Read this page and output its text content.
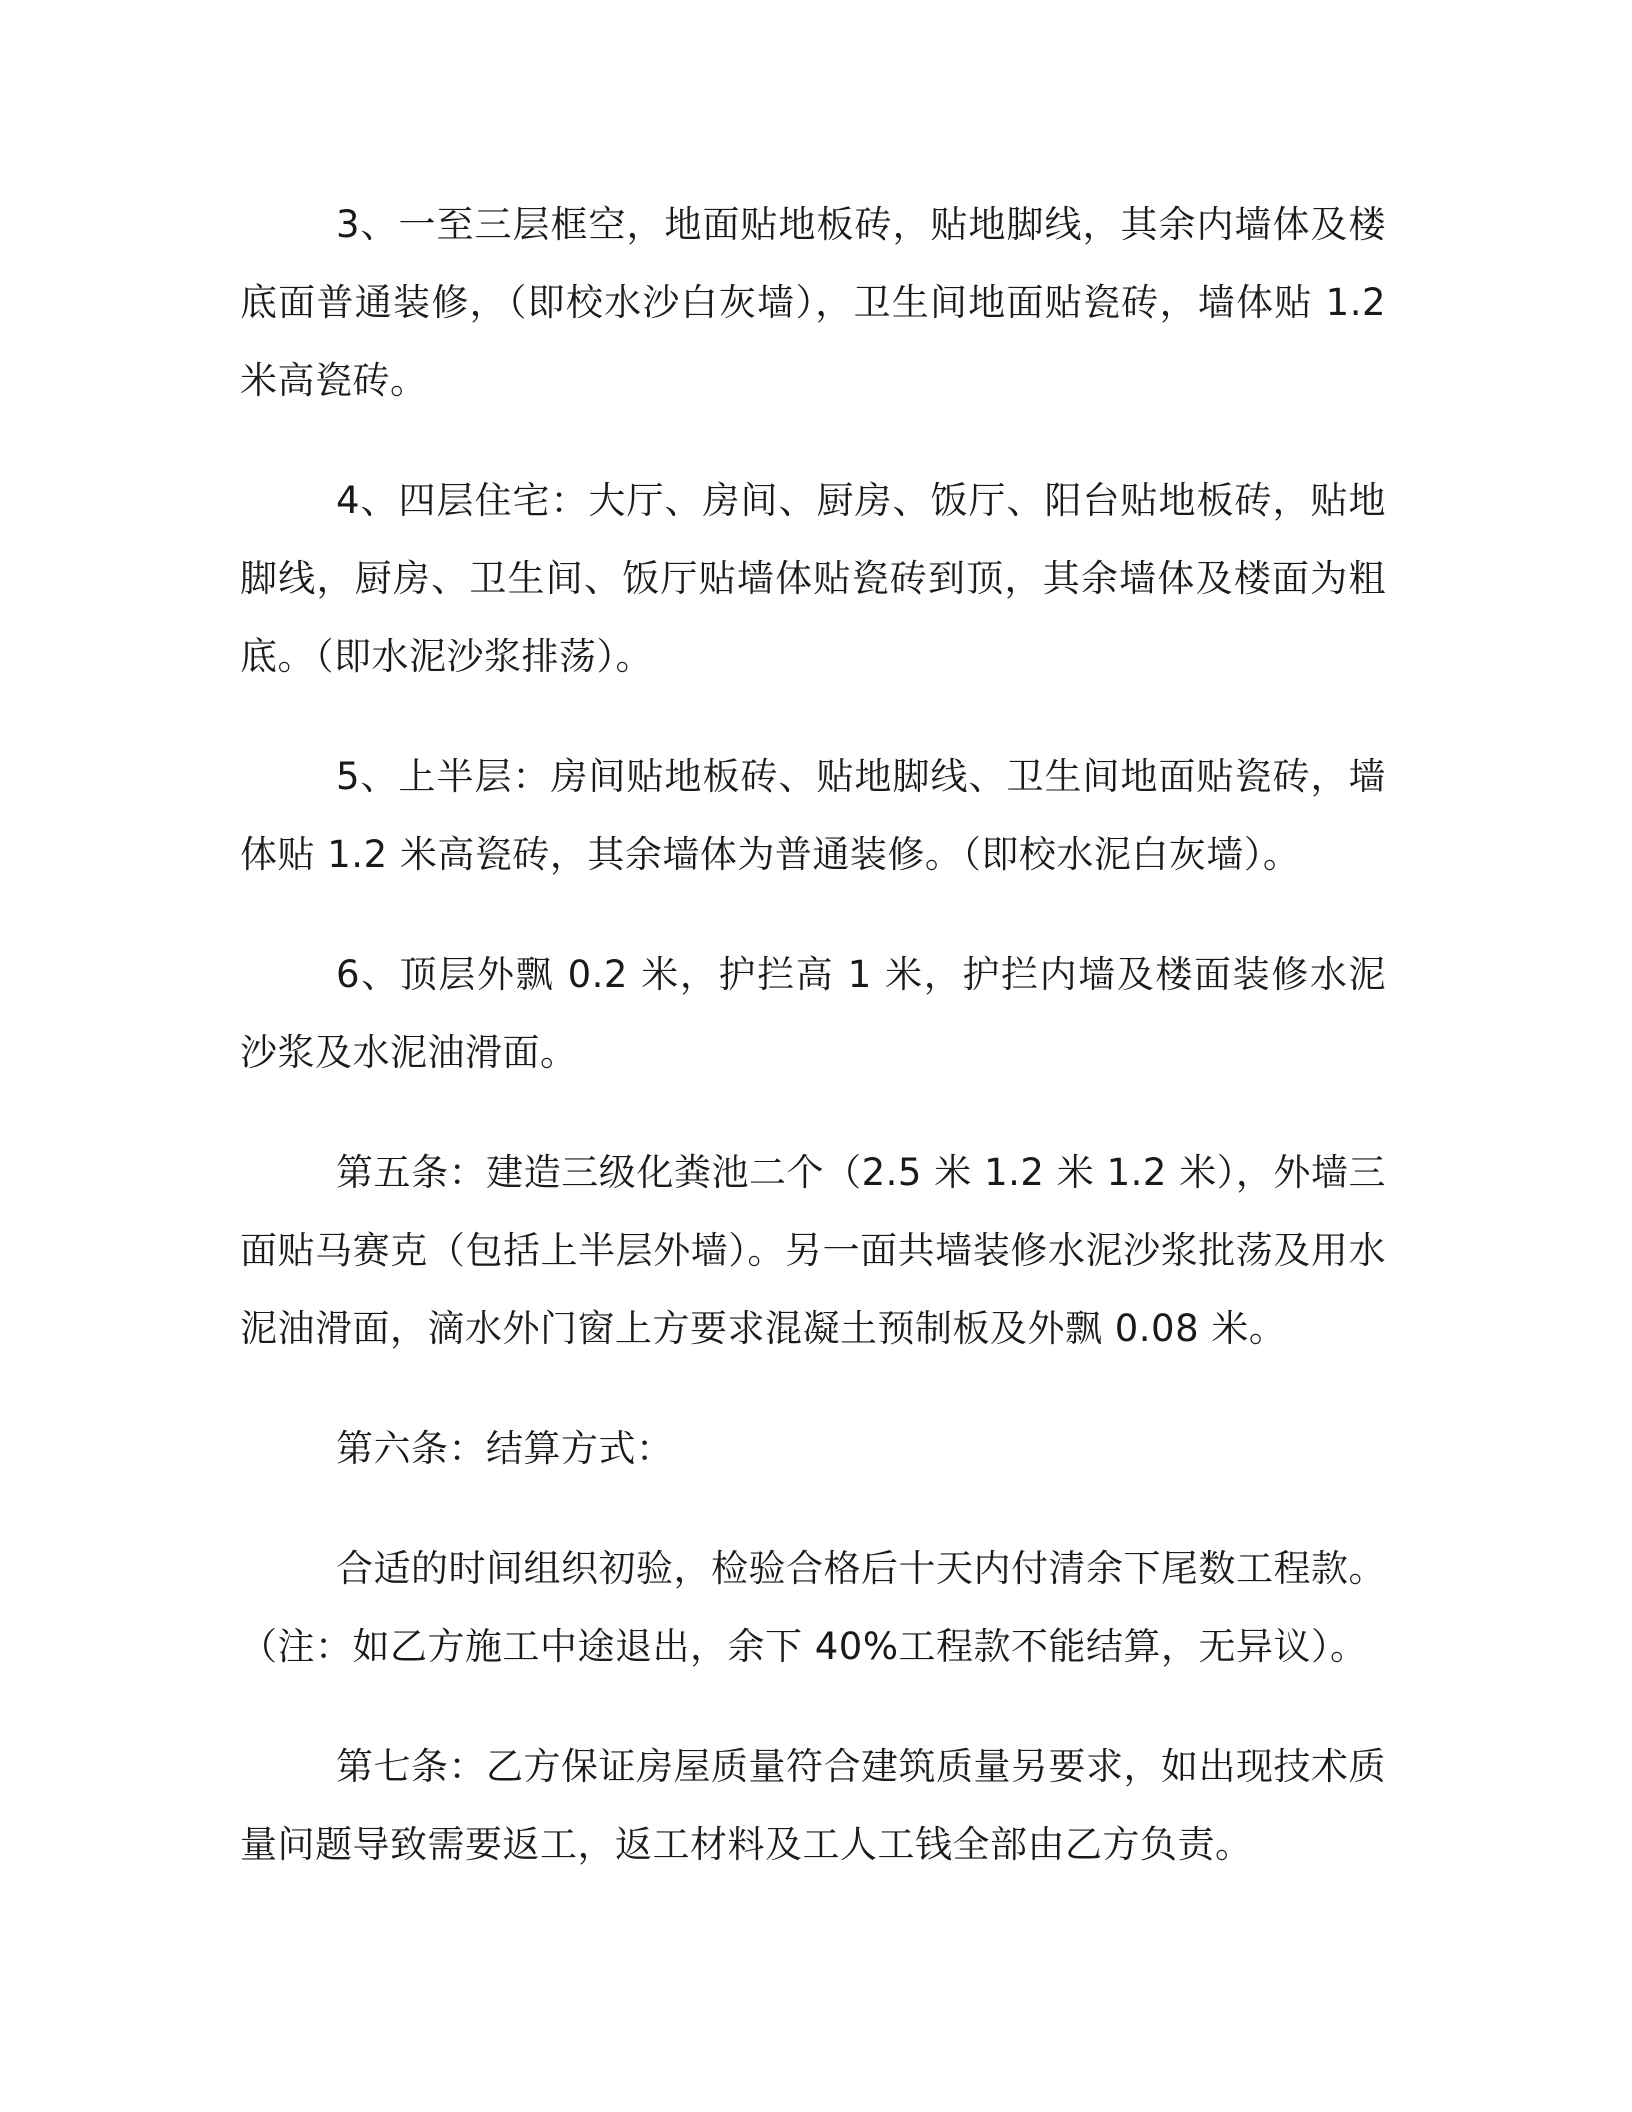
3、一至三层框空，地面贴地板砖，贴地脚线，其余内墙体及楼底面普通装修，（即校水沙白灰墙），卫生间地面贴瓷砖，墙体贴 1.2 米高瓷砖。

4、四层住宅：大厅、房间、厨房、饭厅、阳台贴地板砖，贴地脚线，厨房、卫生间、饭厅贴墙体贴瓷砖到顶，其余墙体及楼面为粗底。（即水泥沙浆排荡）。

5、上半层：房间贴地板砖、贴地脚线、卫生间地面贴瓷砖，墙体贴 1.2 米高瓷砖，其余墙体为普通装修。（即校水泥白灰墙）。

6、顶层外飘 0.2 米，护拦高 1 米，护拦内墙及楼面装修水泥沙浆及水泥油滑面。

第五条：建造三级化粪池二个（2.5 米 1.2 米 1.2 米），外墙三面贴马赛克（包括上半层外墙）。另一面共墙装修水泥沙浆批荡及用水泥油滑面，滴水外门窗上方要求混凝土预制板及外飘 0.08 米。

第六条：结算方式：

合适的时间组织初验，检验合格后十天内付清余下尾数工程款。

（注：如乙方施工中途退出，余下 40%工程款不能结算，无异议）。

第七条：乙方保证房屋质量符合建筑质量另要求，如出现技术质量问题导致需要返工，返工材料及工人工钱全部由乙方负责。
